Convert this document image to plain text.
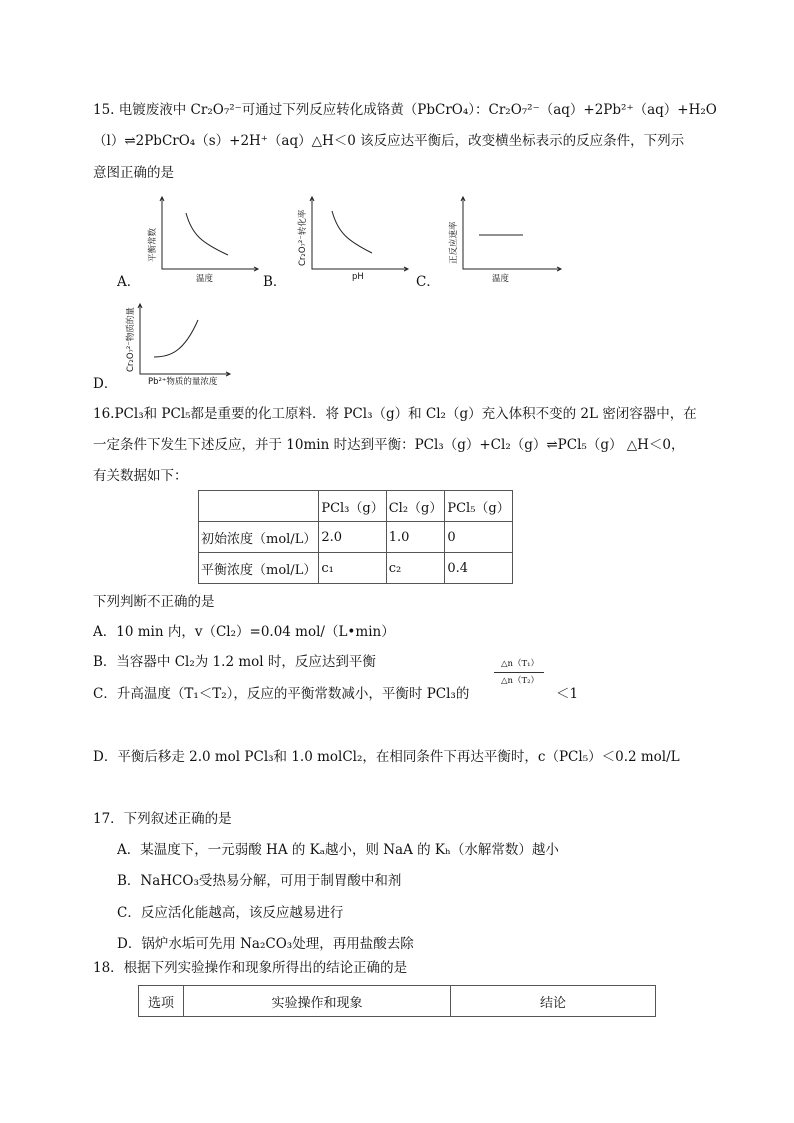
15. 电镀废液中 Cr₂O₇²⁻可通过下列反应转化成铬黄（PbCrO₄）：Cr₂O₇²⁻（aq）+2Pb²⁺（aq）+H₂O
（l）⇌2PbCrO₄（s）+2H⁺（aq）△H＜0 该反应达平衡后，改变横坐标表示的反应条件，下列示
意图正确的是
A．
平衡常数
温度	B．
Cr₂O₇²⁻转化率
pH	C．
正反应速率
温度
D．
Cr₂O₇²⁻物质的量
Pb²⁺物质的量浓度
16.PCl₃和 PCl₅都是重要的化工原料．将 PCl₃（g）和 Cl₂（g）充入体积不变的 2L 密闭容器中，在
一定条件下发生下述反应，并于 10min 时达到平衡：PCl₃（g）+Cl₂（g）⇌PCl₅（g） △H＜0，
有关数据如下：
	PCl₃（g）	Cl₂（g）	PCl₅（g）
初始浓度（mol/L）	2.0	1.0	0
平衡浓度（mol/L）	c₁	c₂	0.4
下列判断不正确的是
A．10 min 内，v（Cl₂）=0.04 mol/（L•min）
B．当容器中 Cl₂为 1.2 mol 时，反应达到平衡
C．升高温度（T₁＜T₂），反应的平衡常数减小，平衡时 PCl₃的
△n（T₁）
△n（T₂）
＜1
D．平衡后移走 2.0 mol PCl₃和 1.0 molCl₂，在相同条件下再达平衡时，c（PCl₅）＜0.2 mol/L
17．下列叙述正确的是
A．某温度下，一元弱酸 HA 的 Kₐ越小，则 NaA 的 Kₕ（水解常数）越小
B．NaHCO₃受热易分解，可用于制胃酸中和剂
C．反应活化能越高，该反应越易进行
D．锅炉水垢可先用 Na₂CO₃处理，再用盐酸去除
18．根据下列实验操作和现象所得出的结论正确的是
选项	实验操作和现象	结论
